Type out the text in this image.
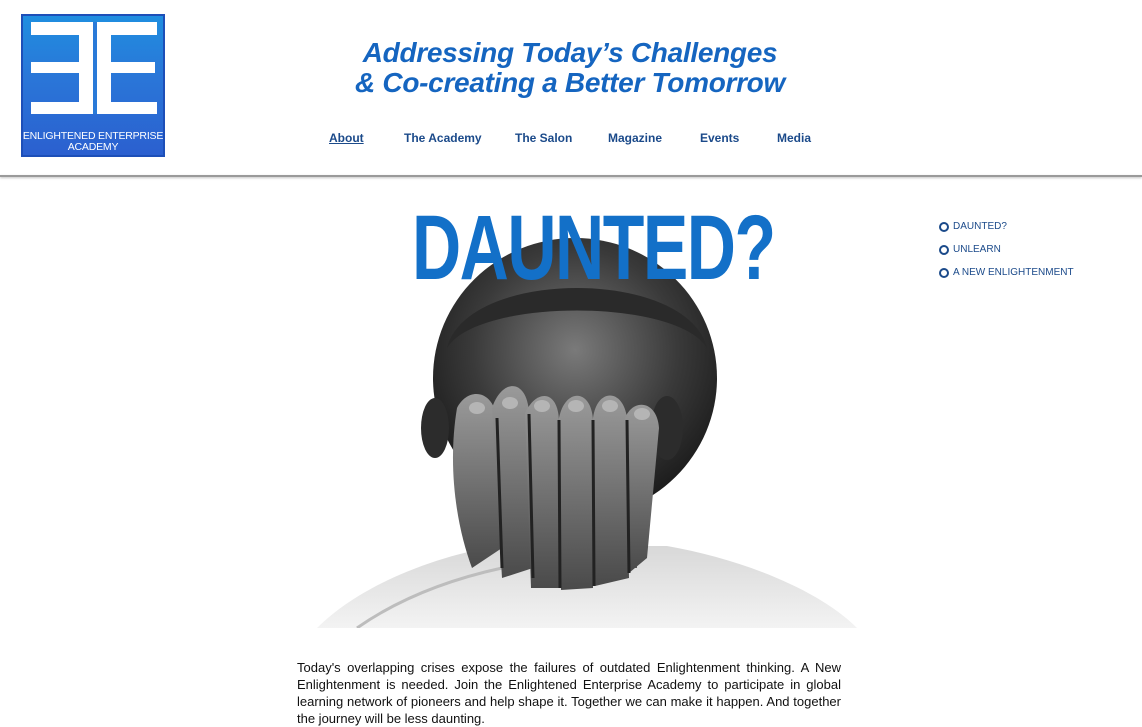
ENLIGHTENED ENTERPRISE
ACADEMY
Addressing Today’s Challenges
& Co-creating a Better Tomorrow
About	The Academy	The Salon	Magazine	Events	Media
DAUNTED?	DAUNTED?
UNLEARN
A NEW ENLIGHTENMENT

Today's overlapping crises expose the failures of outdated Enlightenment thinking. A New Enlightenment is needed. Join the Enlightened Enterprise Academy to participate in global learning network of pioneers and help shape it. Together we can make it happen. And together the journey will be less daunting.
